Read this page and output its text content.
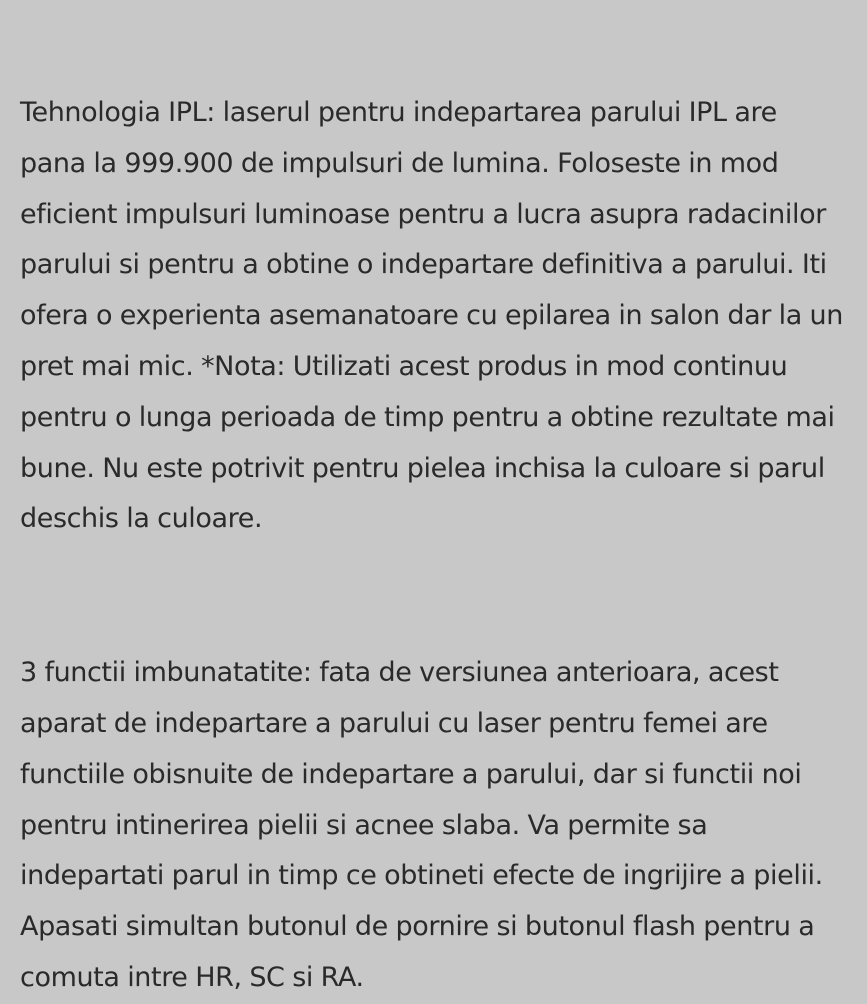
Tehnologia IPL: laserul pentru indepartarea parului IPL are pana la 999.900 de impulsuri de lumina. Foloseste in mod eficient impulsuri luminoase pentru a lucra asupra radacinilor parului si pentru a obtine o indepartare definitiva a parului. Iti ofera o experienta asemanatoare cu epilarea in salon dar la un pret mai mic. *Nota: Utilizati acest produs in mod continuu pentru o lunga perioada de timp pentru a obtine rezultate mai bune. Nu este potrivit pentru pielea inchisa la culoare si parul deschis la culoare.

3 functii imbunatatite: fata de versiunea anterioara, acest aparat de indepartare a parului cu laser pentru femei are functiile obisnuite de indepartare a parului, dar si functii noi pentru intinerirea pielii si acnee slaba. Va permite sa indepartati parul in timp ce obtineti efecte de ingrijire a pielii. Apasati simultan butonul de pornire si butonul flash pentru a comuta intre HR, SC si RA.
